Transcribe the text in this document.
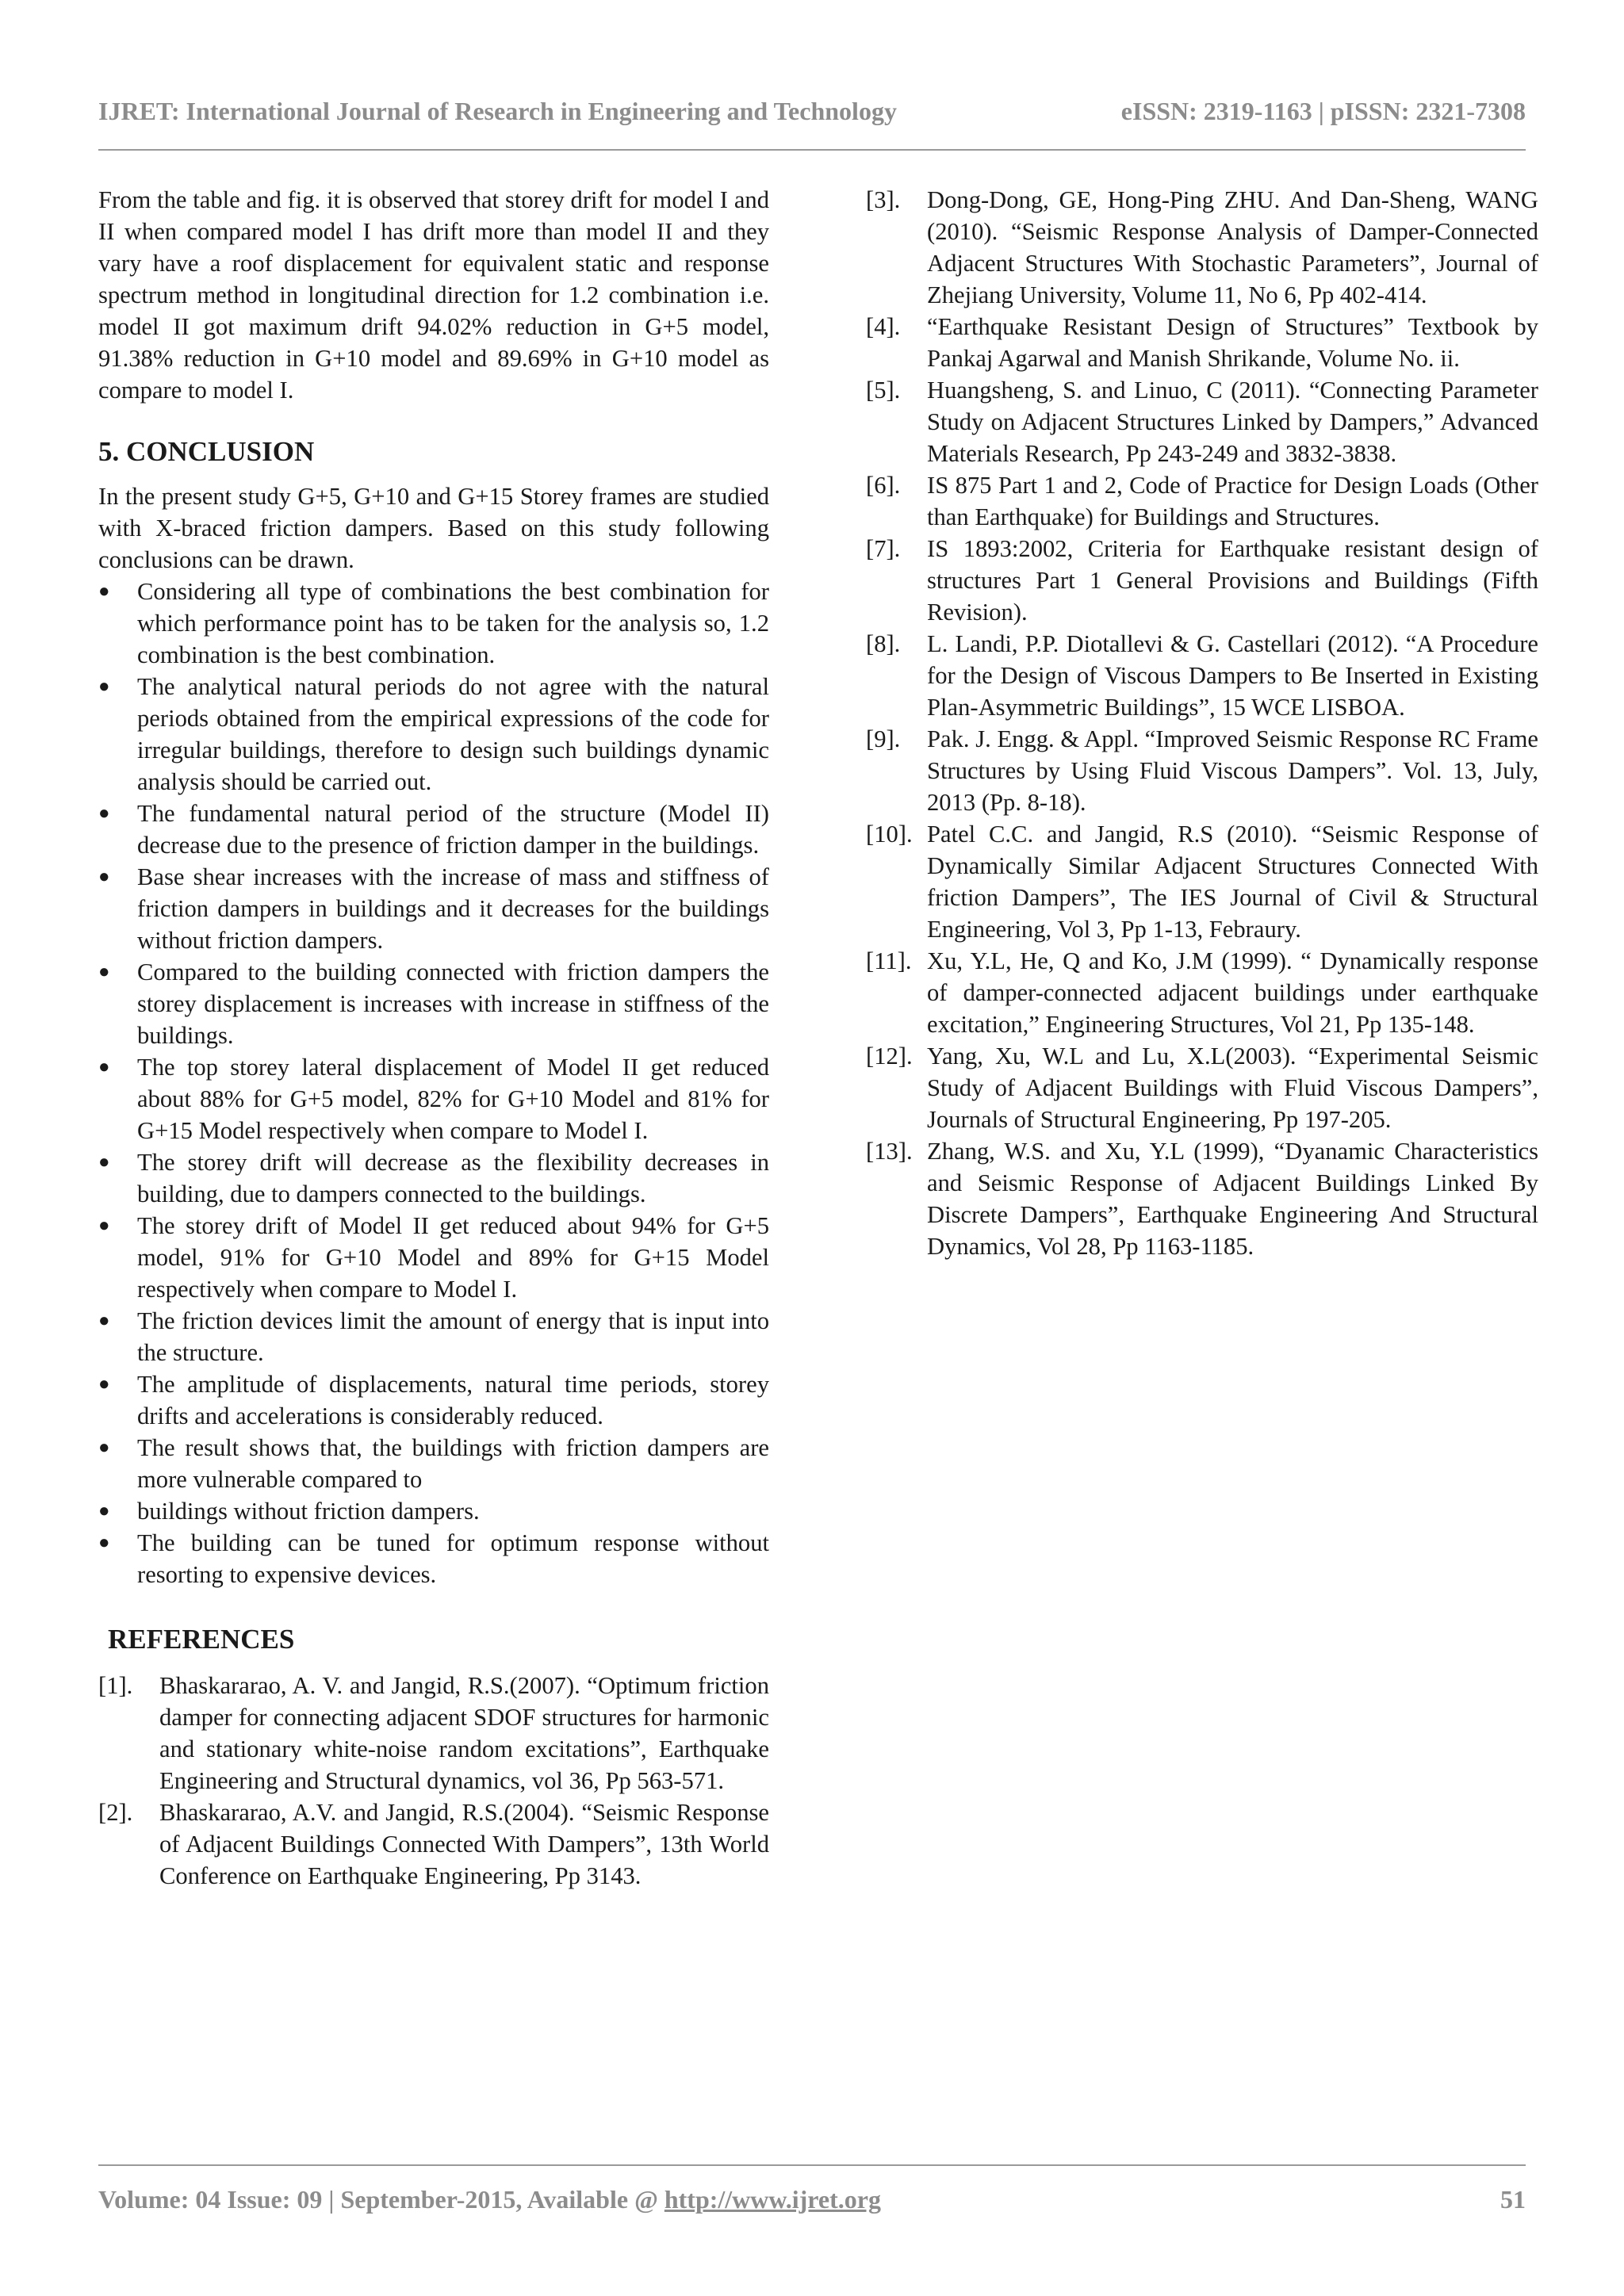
IJRET: International Journal of Research in Engineering and Technology	eISSN: 2319-1163 | pISSN: 2321-7308

From the table and fig. it is observed that storey drift for model I and II when compared model I has drift more than model II and they vary have a roof displacement for equivalent static and response spectrum method in longitudinal direction for 1.2 combination i.e. model II got maximum drift 94.02% reduction in G+5 model, 91.38% reduction in G+10 model and 89.69% in G+10 model as compare to model I.

5. CONCLUSION

In the present study G+5, G+10 and G+15 Storey frames are studied with X-braced friction dampers. Based on this study following conclusions can be drawn.

●	Considering all type of combinations the best combination for which performance point has to be taken for the analysis so, 1.2 combination is the best combination.
●	The analytical natural periods do not agree with the natural periods obtained from the empirical expressions of the code for irregular buildings, therefore to design such buildings dynamic analysis should be carried out.
●	The fundamental natural period of the structure (Model II) decrease due to the presence of friction damper in the buildings.
●	Base shear increases with the increase of mass and stiffness of friction dampers in buildings and it decreases for the buildings without friction dampers.
●	Compared to the building connected with friction dampers the storey displacement is increases with increase in stiffness of the buildings.
●	The top storey lateral displacement of Model II get reduced about 88% for G+5 model, 82% for G+10 Model and 81% for G+15 Model respectively when compare to Model I.
●	The storey drift will decrease as the flexibility decreases in building, due to dampers connected to the buildings.
●	The storey drift of Model II get reduced about 94% for G+5 model, 91% for G+10 Model and 89% for G+15 Model respectively when compare to Model I.
●	The friction devices limit the amount of energy that is input into the structure.
●	The amplitude of displacements, natural time periods, storey drifts and accelerations is considerably reduced.
●	The result shows that, the buildings with friction dampers are more vulnerable compared to
●	buildings without friction dampers.
●	The building can be tuned for optimum response without resorting to expensive devices.
REFERENCES
[1]. Bhaskararao, A. V. and Jangid, R.S.(2007). “Optimum friction damper for connecting adjacent SDOF structures for harmonic and stationary white-noise random excitations”, Earthquake Engineering and Structural dynamics, vol 36, Pp 563-571.
[2]. Bhaskararao, A.V. and Jangid, R.S.(2004). “Seismic Response of Adjacent Buildings Connected With Dampers”, 13th World Conference on Earthquake Engineering, Pp 3143.
[3]. Dong-Dong, GE, Hong-Ping ZHU. And Dan-Sheng, WANG (2010). “Seismic Response Analysis of Damper-Connected Adjacent Structures With Stochastic Parameters”, Journal of Zhejiang University, Volume 11, No 6, Pp 402-414.
[4]. “Earthquake Resistant Design of Structures” Textbook by Pankaj Agarwal and Manish Shrikande, Volume No. ii.
[5]. Huangsheng, S. and Linuo, C (2011). “Connecting Parameter Study on Adjacent Structures Linked by Dampers,” Advanced Materials Research, Pp 243-249 and 3832-3838.
[6]. IS 875 Part 1 and 2, Code of Practice for Design Loads (Other than Earthquake) for Buildings and Structures.
[7]. IS 1893:2002, Criteria for Earthquake resistant design of structures Part 1 General Provisions and Buildings (Fifth Revision).
[8]. L. Landi, P.P. Diotallevi & G. Castellari (2012). “A Procedure for the Design of Viscous Dampers to Be Inserted in Existing Plan-Asymmetric Buildings”, 15 WCE LISBOA.
[9]. Pak. J. Engg. & Appl. “Improved Seismic Response RC Frame Structures by Using Fluid Viscous Dampers”. Vol. 13, July, 2013 (Pp. 8-18).
[10]. Patel C.C. and Jangid, R.S (2010). “Seismic Response of Dynamically Similar Adjacent Structures Connected With friction Dampers”, The IES Journal of Civil & Structural Engineering, Vol 3, Pp 1-13, Febraury.
[11]. Xu, Y.L, He, Q and Ko, J.M (1999). “ Dynamically response of damper-connected adjacent buildings under earthquake excitation,” Engineering Structures, Vol 21, Pp 135-148.
[12]. Yang, Xu, W.L and Lu, X.L(2003). “Experimental Seismic Study of Adjacent Buildings with Fluid Viscous Dampers”, Journals of Structural Engineering, Pp 197-205.
[13]. Zhang, W.S. and Xu, Y.L (1999), “Dyanamic Characteristics and Seismic Response of Adjacent Buildings Linked By Discrete Dampers”, Earthquake Engineering And Structural Dynamics, Vol 28, Pp 1163-1185.
Volume: 04 Issue: 09 | September-2015, Available @ http://www.ijret.org	51
